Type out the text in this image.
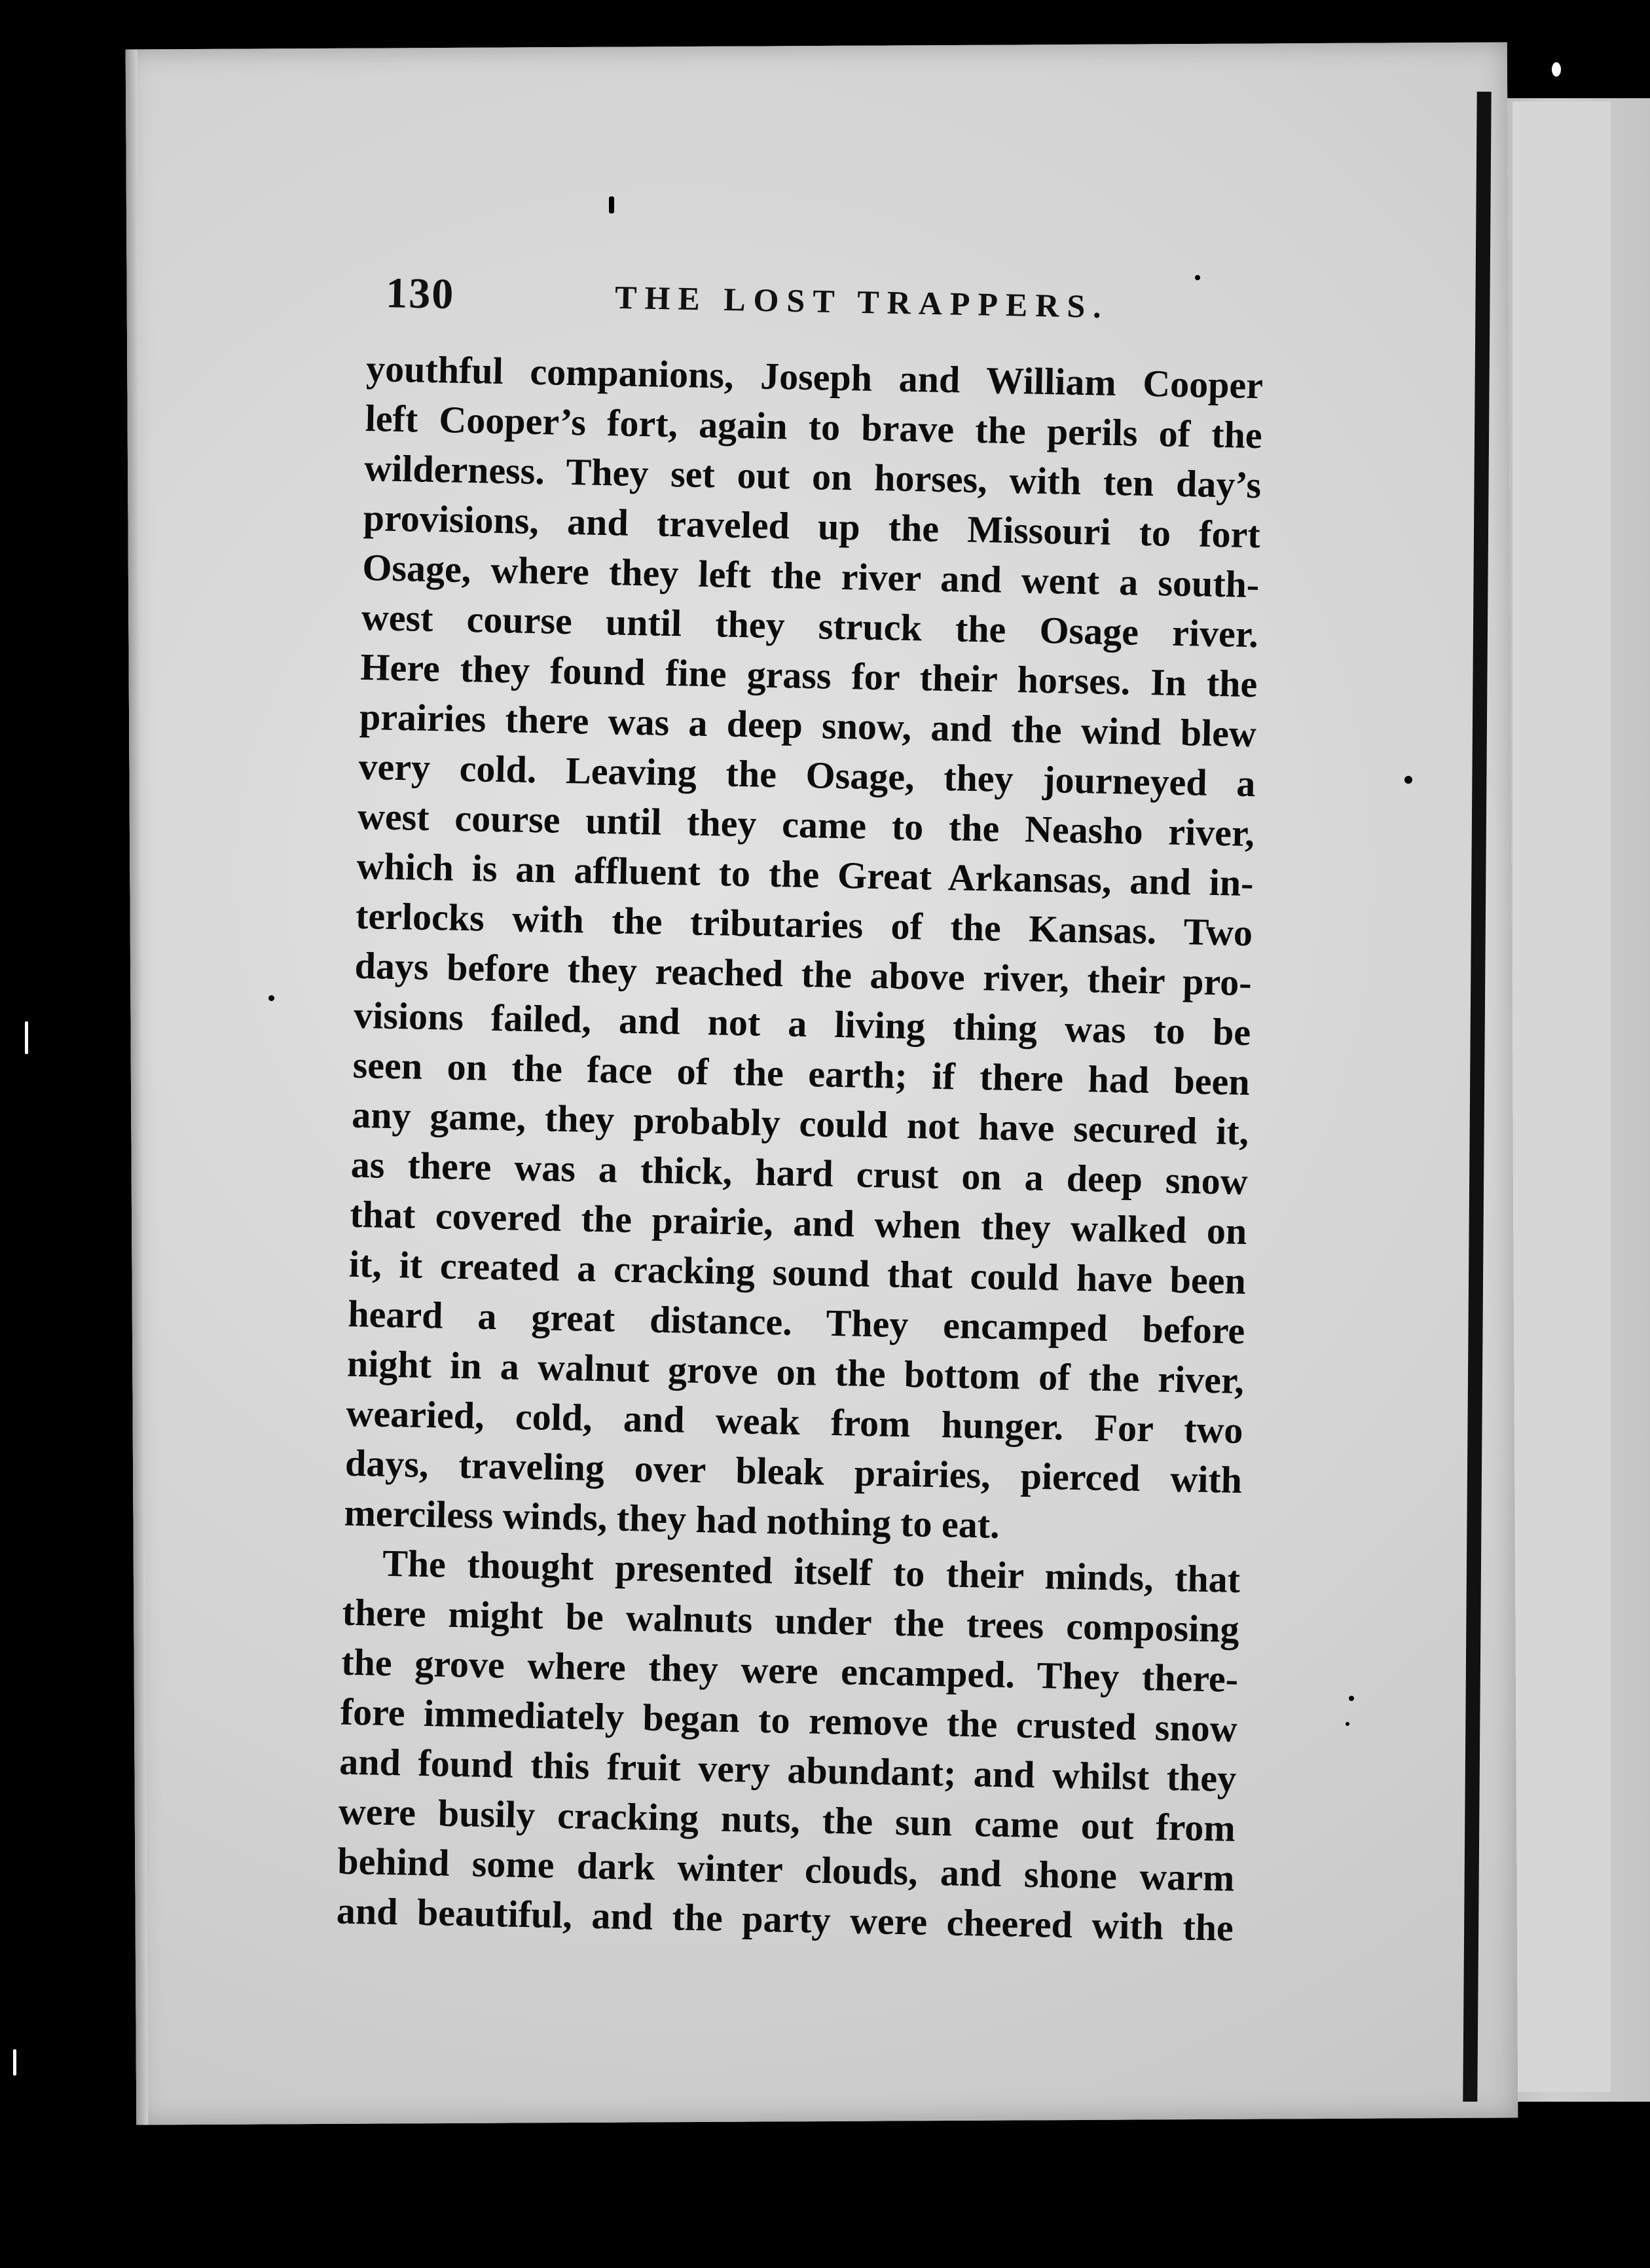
130	THE LOST TRAPPERS.
youthful companions, Joseph and William Cooper
left Cooper’s fort, again to brave the perils of the
wilderness. They set out on horses, with ten day’s
provisions, and traveled up the Missouri to fort
Osage, where they left the river and went a south-
west course until they struck the Osage river.
Here they found fine grass for their horses. In the
prairies there was a deep snow, and the wind blew
very cold. Leaving the Osage, they journeyed a
west course until they came to the Neasho river,
which is an affluent to the Great Arkansas, and in-
terlocks with the tributaries of the Kansas. Two
days before they reached the above river, their pro-
visions failed, and not a living thing was to be
seen on the face of the earth; if there had been
any game, they probably could not have secured it,
as there was a thick, hard crust on a deep snow
that covered the prairie, and when they walked on
it, it created a cracking sound that could have been
heard a great distance. They encamped before
night in a walnut grove on the bottom of the river,
wearied, cold, and weak from hunger. For two
days, traveling over bleak prairies, pierced with
merciless winds, they had nothing to eat.
The thought presented itself to their minds, that
there might be walnuts under the trees composing
the grove where they were encamped. They there-
fore immediately began to remove the crusted snow
and found this fruit very abundant; and whilst they
were busily cracking nuts, the sun came out from
behind some dark winter clouds, and shone warm
and beautiful, and the party were cheered with the
